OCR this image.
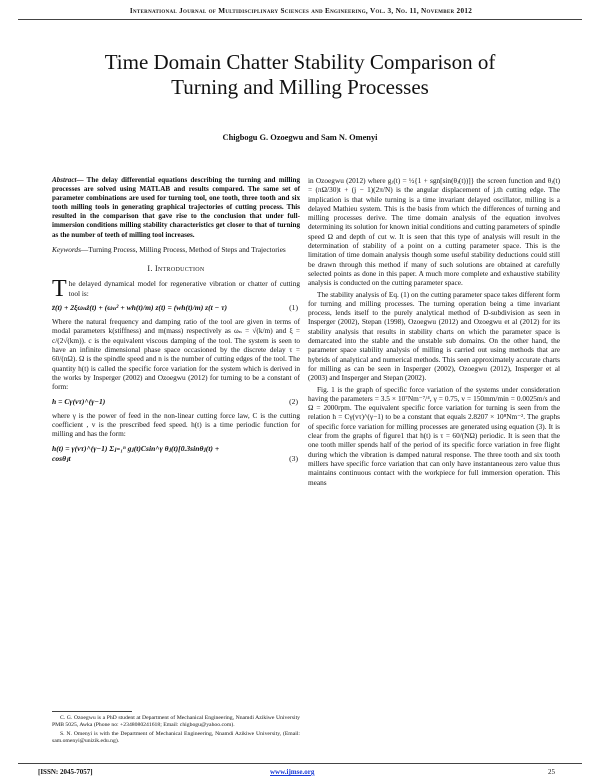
International Journal of Multidisciplinary Sciences and Engineering, Vol. 3, No. 11, November 2012
Time Domain Chatter Stability Comparison of
Turning and Milling Processes
Chigbogu G. Ozoegwu and Sam N. Omenyi

Abstract— The delay differential equations describing the turning and milling processes are solved using MATLAB and results compared. The same set of parameter combinations are used for turning tool, one tooth, three tooth and six tooth milling tools in generating graphical trajectories of cutting process. This resulted in the comparison that gave rise to the conclusion that under full-immersion conditions milling stability characteristics get closer to that of turning as the number of teeth of milling tool increases.

Keywords—Turning Process, Milling Process, Method of Steps and Trajectories

I. Introduction

The delayed dynamical model for regenerative vibration or chatter of cutting tool is:

z̈(t) + 2ξωₙż(t) + (ωₙ² + wh(t)/m) z(t) = (wh(t)/m) z(t − τ)	(1)

Where the natural frequency and damping ratio of the tool are given in terms of modal parameters k(stiffness) and m(mass) respectively as ωₙ = √(k/m) and ξ = c/(2√(km)). c is the equivalent viscous damping of the tool. The system is seen to have an infinite dimensional phase space occasioned by the discrete delay τ = 60/(nΩ). Ω is the spindle speed and n is the number of cutting edges of the tool. The quantity h(t) is called the specific force variation for the system which is derived in the works by Insperger (2002) and Ozoegwu (2012) for turning to be a constant of form:

h = Cγ(vτ)^(γ−1)	(2)

where γ is the power of feed in the non-linear cutting force law, C is the cutting coefficient , v is the prescribed feed speed. h(t) is a time periodic function for milling and has the form:

h(t) = γ(vτ)^(γ−1) Σⱼ₌₁ⁿ gⱼ(t)Csin^γ θⱼ(t)[0.3sinθⱼ(t) +
cosθⱼt	(3)

in Ozoegwu (2012) where gⱼ(t) = ½{1 + sgn[sin(θⱼ(t))]} the screen function and θⱼ(t) = (πΩ/30)t + (j − 1)(2π/N) is the angular displacement of j.th cutting edge. The implication is that while turning is a time invariant delayed oscillator, milling is a delayed Mathieu system. This is the basis from which the differences of turning and milling processes derive. The time domain analysis of the equation involves determining its solution for known initial conditions and cutting parameters of spindle speed Ω and depth of cut w. It is seen that this type of analysis will result in the determination of stability of a point on a cutting parameter space. This is the limitation of time domain analysis though some useful stability deductions could still be drawn through this method if many of such solutions are obtained at carefully selected points as done in this paper. A much more complete and exhaustive stability analysis is conducted on the cutting parameter space.

The stability analysis of Eq. (1) on the cutting parameter space takes different form for turning and milling processes. The turning operation being a time invariant process, lends itself to the purely analytical method of D-subdivision as seen in Insperger (2002), Stepan (1998), Ozoegwu (2012) and Ozoegwu et al (2012) for its stability analysis that results in stability charts on which the parameter space is demarcated into the stable and the unstable sub domains. On the other hand, the parameter space stability analysis of milling is carried out using methods that are hybrids of analytical and numerical methods. This seen approximately accurate charts for milling as can be seen in Insperger (2002), Ozoegwu (2012), Insperger et al (2003) and Insperger and Stepan (2002).

Fig. 1 is the graph of specific force variation of the systems under consideration having the parameters = 3.5 × 10⁷Nm⁻⁷/⁴, γ = 0.75, v = 150mm/min = 0.0025m/s and Ω = 2000rpm. The equivalent specific force variation for turning is seen from the relation h = Cγ(vτ)^(γ−1) to be a constant that equals 2.8207 × 10⁸Nm⁻². The graphs of specific force variation for milling processes are generated using equation (3). It is clear from the graphs of figure1 that h(t) is τ = 60/(NΩ) periodic. It is seen that the one tooth miller spends half of the period of its specific force variation in free flight during which the vibration is damped natural response. The three tooth and six tooth millers have specific force variation that can only have instantaneous zero value thus maintains continuous contact with the workpiece for full immersion operation. This means

C. G. Ozoegwu is a PhD student at Department of Mechanical Engineering, Nnamdi Azikiwe University PMB 5025, Awka (Phone no: +2348080241618; Email: chigbogu@yahoo.com).

S. N. Omenyi is with the Department of Mechanical Engineering, Nnamdi Azikiwe University, (Email: sam.omenyi@unizik.edu.ng).

[ISSN: 2045-7057]	www.ijmse.org	25
